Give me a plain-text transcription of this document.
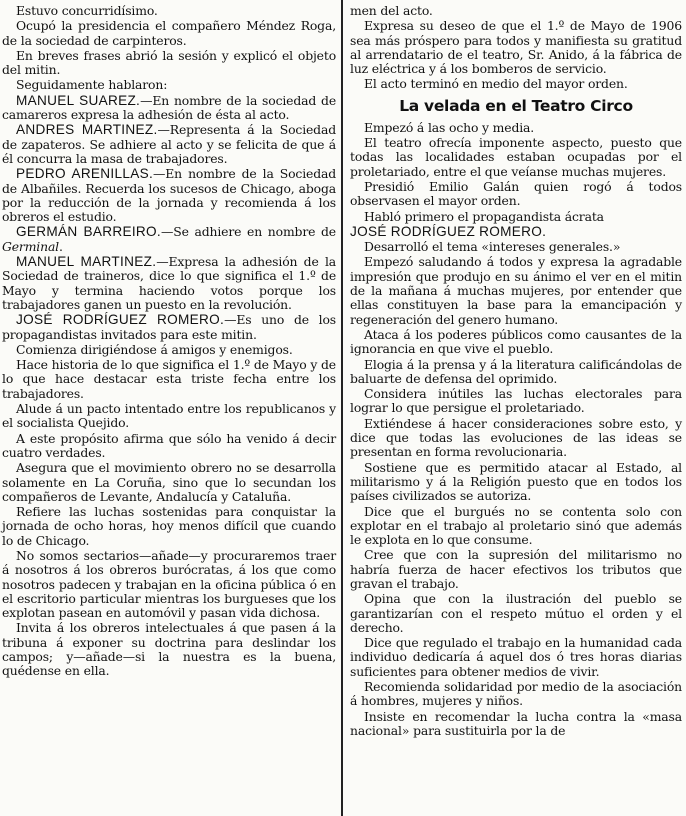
Estuvo concurridísimo.

Ocupó la presidencia el compañero Méndez Roga, de la sociedad de carpinteros.

En breves frases abrió la sesión y explicó el objeto del mitin.

Seguidamente hablaron:

MANUEL SUAREZ.—En nombre de la sociedad de camareros expresa la adhesión de ésta al acto.

ANDRES MARTINEZ.—Representa á la Sociedad de zapateros. Se adhiere al acto y se felicita de que á él concurra la masa de trabajadores.

PEDRO ARENILLAS.—En nombre de la Sociedad de Albañiles. Recuerda los sucesos de Chicago, aboga por la reducción de la jornada y recomienda á los obreros el estudio.

GERMÁN BARREIRO.—Se adhiere en nombre de Germinal.

MANUEL MARTINEZ.—Expresa la adhesión de la Sociedad de traineros, dice lo que significa el 1.º de Mayo y termina haciendo votos porque los trabajadores ganen un puesto en la revolución.

JOSÉ RODRÍGUEZ ROMERO.—Es uno de los propagandistas invitados para este mitin.

Comienza dirigiéndose á amigos y enemigos.

Hace historia de lo que significa el 1.º de Mayo y de lo que hace destacar esta triste fecha entre los trabajadores.

Alude á un pacto intentado entre los republicanos y el socialista Quejido.

A este propósito afirma que sólo ha venido á decir cuatro verdades.

Asegura que el movimiento obrero no se desarrolla solamente en La Coruña, sino que lo secundan los compañeros de Levante, Andalucía y Cataluña.

Refiere las luchas sostenidas para conquistar la jornada de ocho horas, hoy menos difícil que cuando lo de Chicago.

No somos sectarios—añade—y procuraremos traer á nosotros á los obreros burócratas, á los que como nosotros padecen y trabajan en la oficina pública ó en el escritorio particular mientras los burgueses que los explotan pasean en automóvil y pasan vida dichosa.

Invita á los obreros intelectuales á que pasen á la tribuna á exponer su doctrina para deslindar los campos; y—añade—si la nuestra es la buena, quédense en ella.

men del acto.

Expresa su deseo de que el 1.º de Mayo de 1906 sea más próspero para todos y manifiesta su gratitud al arrendatario de el teatro, Sr. Anido, á la fábrica de luz eléctrica y á los bomberos de servicio.

El acto terminó en medio del mayor orden.

La velada en el Teatro Circo

Empezó á las ocho y media.

El teatro ofrecía imponente aspecto, puesto que todas las localidades estaban ocupadas por el proletariado, entre el que veíanse muchas mujeres.

Presidió Emilio Galán quien rogó á todos observasen el mayor orden.

Habló primero el propagandista ácrata

JOSÉ RODRÍGUEZ ROMERO.

Desarrolló el tema «intereses generales.»

Empezó saludando á todos y expresa la agradable impresión que produjo en su ánimo el ver en el mitin de la mañana á muchas mujeres, por entender que ellas constituyen la base para la emancipación y regeneración del genero humano.

Ataca á los poderes públicos como causantes de la ignorancia en que vive el pueblo.

Elogia á la prensa y á la literatura calificándolas de baluarte de defensa del oprimido.

Considera inútiles las luchas electorales para lograr lo que persigue el proletariado.

Extiéndese á hacer consideraciones sobre esto, y dice que todas las evoluciones de las ideas se presentan en forma revolucionaria.

Sostiene que es permitido atacar al Estado, al militarismo y á la Religión puesto que en todos los países civilizados se autoriza.

Dice que el burgués no se contenta solo con explotar en el trabajo al proletario sinó que además le explota en lo que consume.

Cree que con la supresión del militarismo no habría fuerza de hacer efectivos los tributos que gravan el trabajo.

Opina que con la ilustración del pueblo se garantizarían con el respeto mútuo el orden y el derecho.

Dice que regulado el trabajo en la humanidad cada individuo dedicaría á aquel dos ó tres horas diarias suficientes para obtener medios de vivir.

Recomienda solidaridad por medio de la asociación á hombres, mujeres y niños.

Insiste en recomendar la lucha contra la «masa nacional» para sustituirla por la de
